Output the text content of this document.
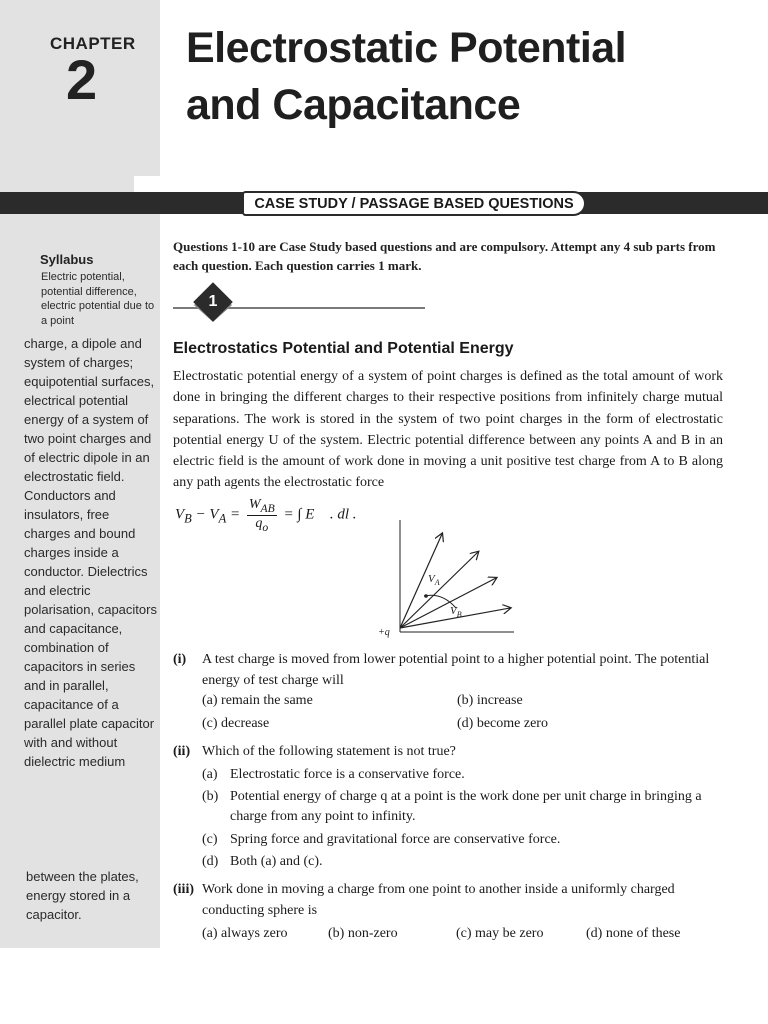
CHAPTER
2 Electrostatic Potential
and Capacitance
CASE STUDY / PASSAGE BASED QUESTIONS
Syllabus
Electric potential, potential difference, electric potential due to a point
charge, a dipole and system of charges; equipotential surfaces, electrical potential energy of a system of two point charges and of electric dipole in an electrostatic field. Conductors and insulators, free charges and bound charges inside a conductor. Dielectrics and electric polarisation, capacitors and capacitance, combination of capacitors in series and in parallel, capacitance of a parallel plate capacitor with and without dielectric medium
between the plates, energy stored in a capacitor.
Questions 1-10 are Case Study based questions and are compulsory. Attempt any 4 sub parts from each question. Each question carries 1 mark.
1
Electrostatics Potential and Potential Energy
Electrostatic potential energy of a system of point charges is defined as the total amount of work done in bringing the different charges to their respective positions from infinitely charge mutual separations. The work is stored in the system of two point charges in the form of electrostatic potential energy U of the system. Electric potential difference between any points A and B in an electric field is the amount of work done in moving a unit positive test charge from A to B along any path agents the electrostatic force
$V_B - V_A = \frac{W_{AB}}{q_o}$ = ∫ E⃗ . dl .
$V_A$
$V_B$
+q
(i)	A test charge is moved from lower potential point to a higher potential point. The potential energy of test charge will
(a) remain the same	(b) increase
(c) decrease	(d) become zero
(ii) Which of the following statement is not true?
(a) Electrostatic force is a conservative force.
(b) Potential energy of charge q at a point is the work done per unit charge in bringing a charge from any point to infinity.
(c) Spring force and gravitational force are conservative force.
(d) Both (a) and (c).
(iii) Work done in moving a charge from one point to another inside a uniformly charged conducting sphere is
(a) always zero	(b) non-zero	(c) may be zero	(d) none of these
